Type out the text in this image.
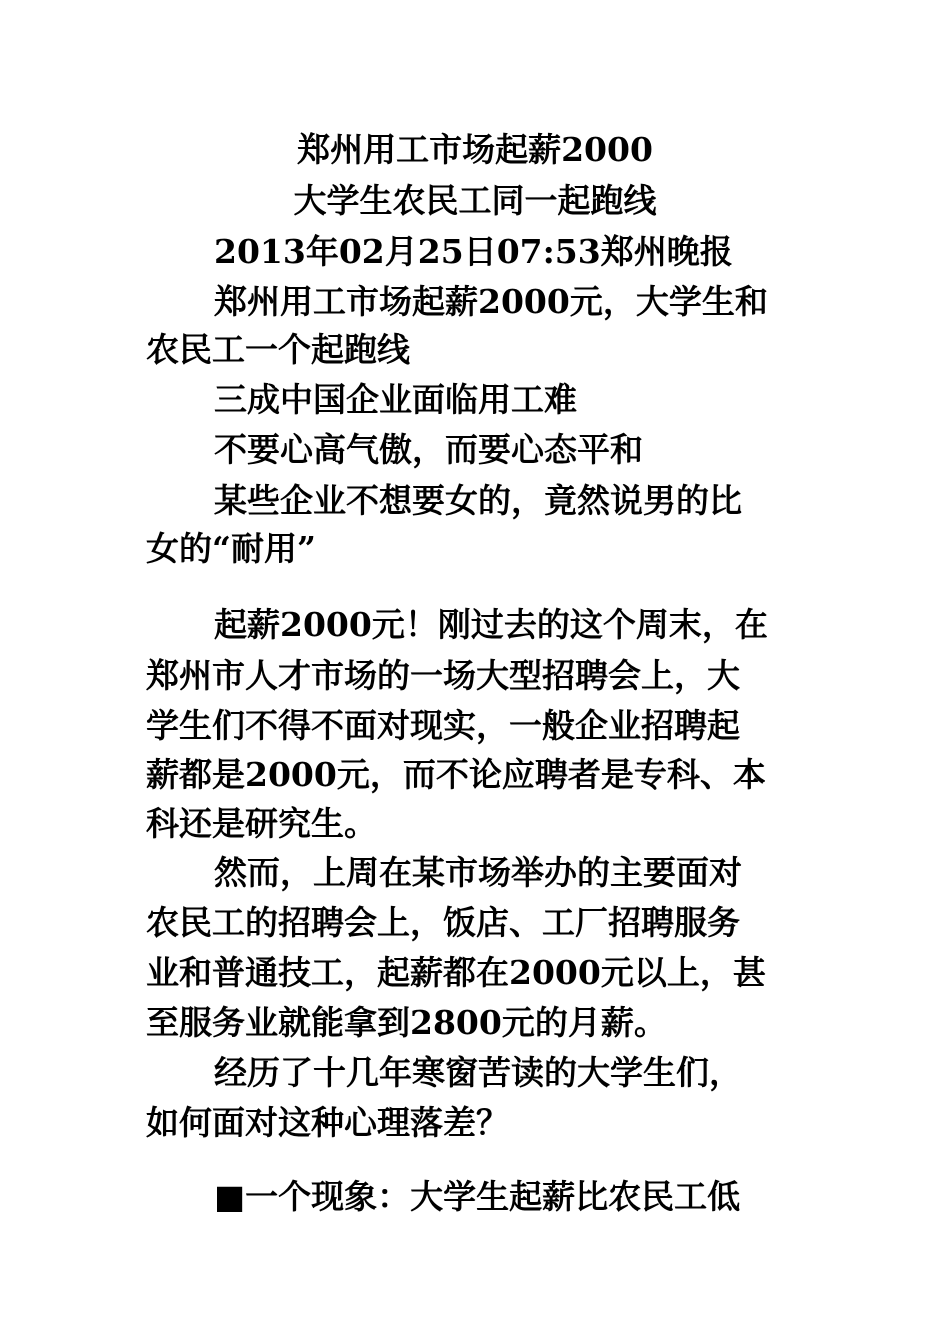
郑州用工市场起薪2000
大学生农民工同一起跑线
2013年02月25日07:53郑州晚报
郑州用工市场起薪2000元，大学生和
农民工一个起跑线
三成中国企业面临用工难
不要心高气傲，而要心态平和
某些企业不想要女的，竟然说男的比
女的“耐用”
起薪2000元！刚过去的这个周末，在
郑州市人才市场的一场大型招聘会上，大
学生们不得不面对现实，一般企业招聘起
薪都是2000元，而不论应聘者是专科、本
科还是研究生。
然而，上周在某市场举办的主要面对
农民工的招聘会上，饭店、工厂招聘服务
业和普通技工，起薪都在2000元以上，甚
至服务业就能拿到2800元的月薪。
经历了十几年寒窗苦读的大学生们，
如何面对这种心理落差？
■一个现象：大学生起薪比农民工低
